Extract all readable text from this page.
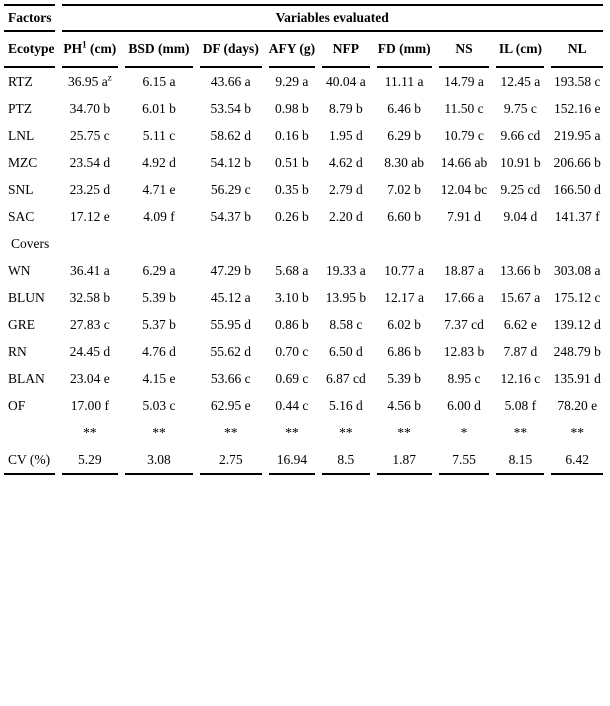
Factors	Variables evaluated								
Ecotype	$PH^1$ (cm)	BSD (mm)	DF (days)	AFY (g)	NFP	FD (mm)	NS	IL (cm)	NL
RTZ	36.95 $a^z$	6.15 a	43.66 a	9.29 a	40.04 a	11.11 a	14.79 a	12.45 a	193.58 c
PTZ	34.70 b	6.01 b	53.54 b	0.98 b	8.79 b	6.46 b	11.50 c	9.75 c	152.16 e
LNL	25.75 c	5.11 c	58.62 d	0.16 b	1.95 d	6.29 b	10.79 c	9.66 cd	219.95 a
MZC	23.54 d	4.92 d	54.12 b	0.51 b	4.62 d	8.30 ab	14.66 ab	10.91 b	206.66 b
SNL	23.25 d	4.71 e	56.29 c	0.35 b	2.79 d	7.02 b	12.04 bc	9.25 cd	166.50 d
SAC	17.12 e	4.09 f	54.37 b	0.26 b	2.20 d	6.60 b	7.91 d	9.04 d	141.37 f
Covers									
WN	36.41 a	6.29 a	47.29 b	5.68 a	19.33 a	10.77 a	18.87 a	13.66 b	303.08 a
BLUN	32.58 b	5.39 b	45.12 a	3.10 b	13.95 b	12.17 a	17.66 a	15.67 a	175.12 c
GRE	27.83 c	5.37 b	55.95 d	0.86 b	8.58 c	6.02 b	7.37 cd	6.62 e	139.12 d
RN	24.45 d	4.76 d	55.62 d	0.70 c	6.50 d	6.86 b	12.83 b	7.87 d	248.79 b
BLAN	23.04 e	4.15 e	53.66 c	0.69 c	6.87 cd	5.39 b	8.95 c	12.16 c	135.91 d
OF	17.00 f	5.03 c	62.95 e	0.44 c	5.16 d	4.56 b	6.00 d	5.08 f	78.20 e
	**	**	**	**	**	**	*	**	**
CV (%)	5.29	3.08	2.75	16.94	8.5	1.87	7.55	8.15	6.42
